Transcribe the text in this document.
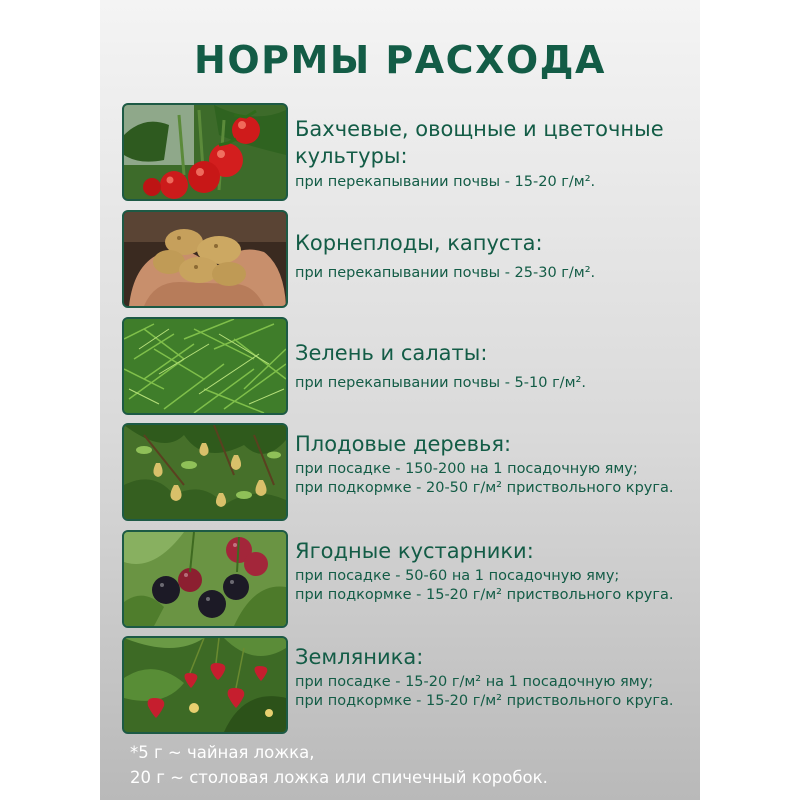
НОРМЫ РАСХОДА
Бахчевые, овощные и цветочные культуры:
при перекапывании почвы - 15-20 г/м².
Корнеплоды, капуста:
при перекапывании почвы - 25-30 г/м².
Зелень и салаты:
при перекапывании почвы - 5-10 г/м².
Плодовые деревья:
при посадке - 150-200 на 1 посадочную яму;
при подкормке - 20-50 г/м² приствольного круга.
Ягодные кустарники:
при посадке - 50-60 на 1 посадочную яму;
при подкормке - 15-20 г/м² приствольного круга.
Земляника:
при посадке - 15-20 г/м² на 1 посадочную яму;
при подкормке - 15-20 г/м² приствольного круга.
*5 г ~ чайная ложка,
20 г ~ столовая ложка или спичечный коробок.
